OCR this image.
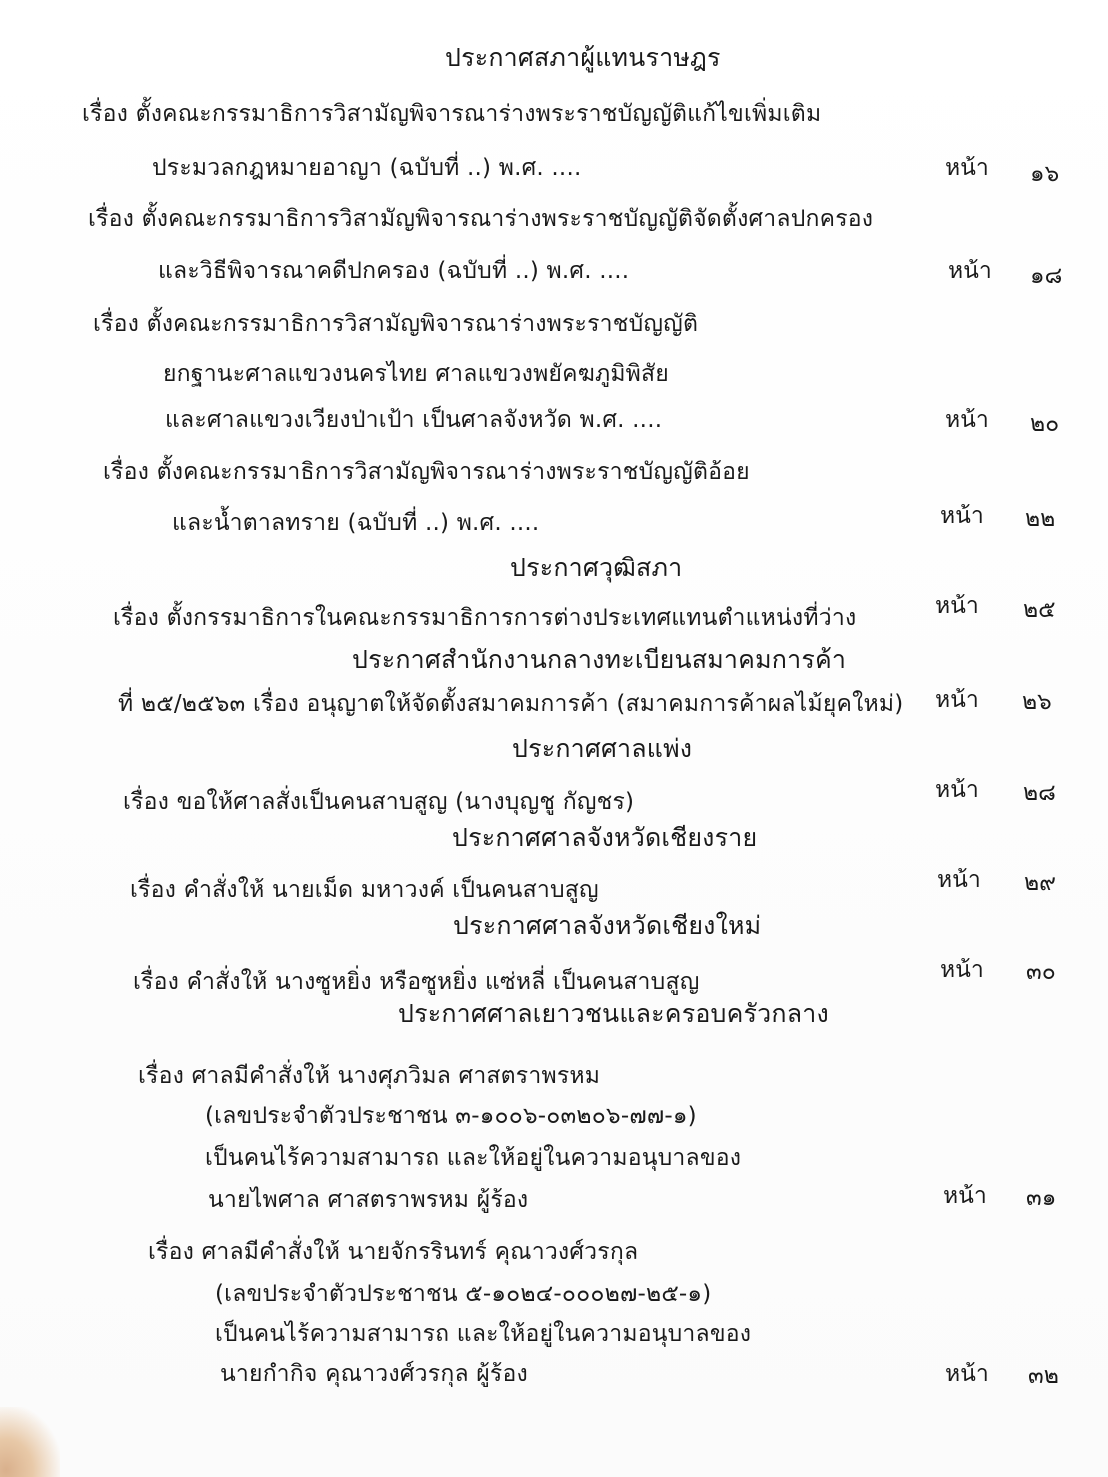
ประกาศสภาผู้แทนราษฎร
เรื่อง ตั้งคณะกรรมาธิการวิสามัญพิจารณาร่างพระราชบัญญัติแก้ไขเพิ่มเติม
ประมวลกฎหมายอาญา (ฉบับที่ ..) พ.ศ. ....	หน้า ๑๖
เรื่อง ตั้งคณะกรรมาธิการวิสามัญพิจารณาร่างพระราชบัญญัติจัดตั้งศาลปกครอง
และวิธีพิจารณาคดีปกครอง (ฉบับที่ ..) พ.ศ. ....	หน้า ๑๘
เรื่อง ตั้งคณะกรรมาธิการวิสามัญพิจารณาร่างพระราชบัญญัติ
ยกฐานะศาลแขวงนครไทย ศาลแขวงพยัคฆภูมิพิสัย
และศาลแขวงเวียงป่าเป้า เป็นศาลจังหวัด พ.ศ. ....	หน้า ๒๐
เรื่อง ตั้งคณะกรรมาธิการวิสามัญพิจารณาร่างพระราชบัญญัติอ้อย
และน้ำตาลทราย (ฉบับที่ ..) พ.ศ. ....	หน้า ๒๒
ประกาศวุฒิสภา
เรื่อง ตั้งกรรมาธิการในคณะกรรมาธิการการต่างประเทศแทนตำแหน่งที่ว่าง	หน้า ๒๕
ประกาศสำนักงานกลางทะเบียนสมาคมการค้า
ที่ ๒๕/๒๕๖๓ เรื่อง อนุญาตให้จัดตั้งสมาคมการค้า (สมาคมการค้าผลไม้ยุคใหม่) หน้า ๒๖
ประกาศศาลแพ่ง
เรื่อง ขอให้ศาลสั่งเป็นคนสาบสูญ (นางบุญชู กัญชร)	หน้า ๒๘
ประกาศศาลจังหวัดเชียงราย
เรื่อง คำสั่งให้ นายเม็ด มหาวงค์ เป็นคนสาบสูญ	หน้า ๒๙
ประกาศศาลจังหวัดเชียงใหม่
เรื่อง คำสั่งให้ นางซูหยิ่ง หรือซูหยิ่ง แซ่หลี่ เป็นคนสาบสูญ	หน้า ๓๐
ประกาศศาลเยาวชนและครอบครัวกลาง
เรื่อง ศาลมีคำสั่งให้ นางศุภวิมล ศาสตราพรหม
(เลขประจำตัวประชาชน ๓-๑๐๐๖-๐๓๒๐๖-๗๗-๑)
เป็นคนไร้ความสามารถ และให้อยู่ในความอนุบาลของ
นายไพศาล ศาสตราพรหม ผู้ร้อง	หน้า ๓๑
เรื่อง ศาลมีคำสั่งให้ นายจักรรินทร์ คุณาวงศ์วรกุล
(เลขประจำตัวประชาชน ๕-๑๐๒๔-๐๐๐๒๗-๒๕-๑)
เป็นคนไร้ความสามารถ และให้อยู่ในความอนุบาลของ
นายกำกิจ คุณาวงศ์วรกุล ผู้ร้อง	หน้า ๓๒
